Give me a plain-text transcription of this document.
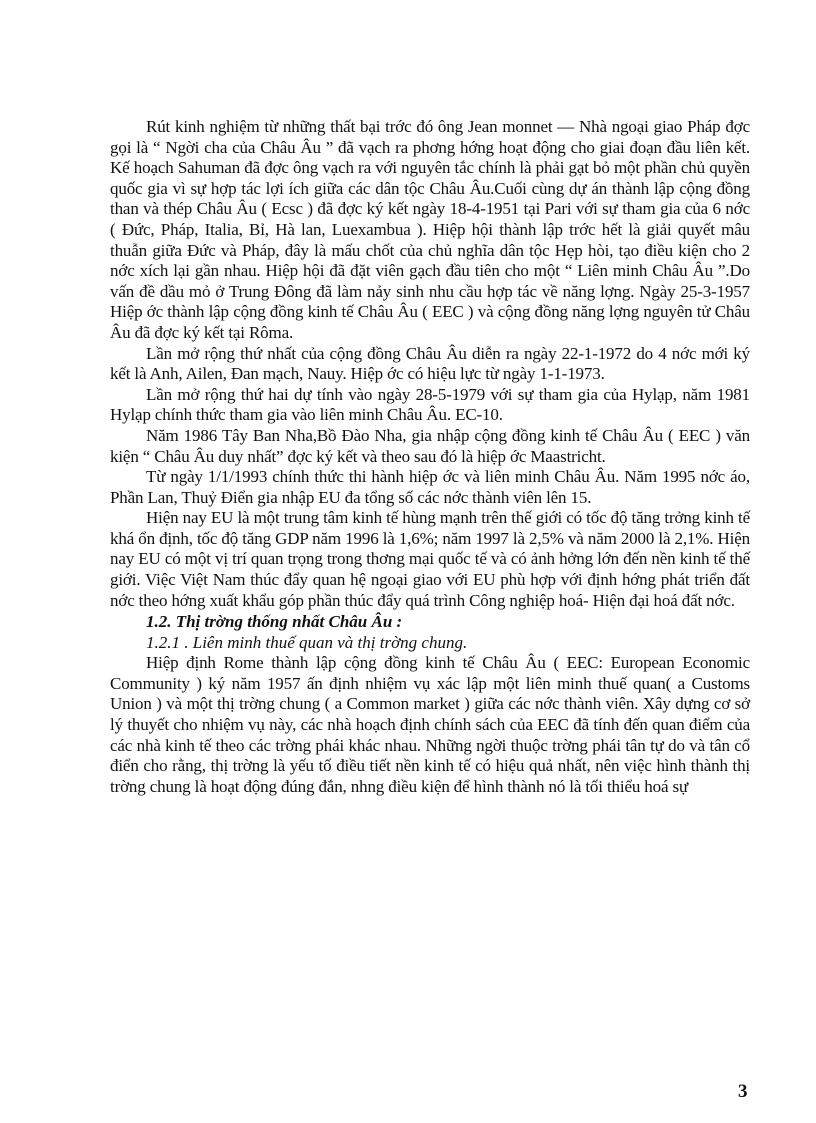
Rút kinh nghiệm từ những thất bại trớc đó ông Jean monnet — Nhà ngoại giao Pháp đợc gọi là “ Ngời cha của Châu Âu ” đã vạch ra phơng hớng hoạt động cho giai đoạn đầu liên kết. Kế hoạch Sahuman đã đợc ông vạch ra với nguyên tắc chính là phải gạt bỏ một phần chủ quyền quốc gia vì sự hợp tác lợi ích giữa các dân tộc Châu Âu.Cuối cùng dự án thành lập cộng đồng than và thép Châu Âu ( Ecsc ) đã đợc ký kết ngày 18-4-1951 tại Pari với sự tham gia của 6 nớc ( Đức, Pháp, Italia, Bỉ, Hà lan, Luexambua ). Hiệp hội thành lập trớc hết là giải quyết mâu thuẫn giữa Đức và Pháp, đây là mấu chốt của chủ nghĩa dân tộc Hẹp hòi, tạo điều kiện cho 2 nớc xích lại gần nhau. Hiệp hội đã đặt viên gạch đầu tiên cho một “ Liên minh Châu Âu ”.Do vấn đề dầu mỏ ở Trung Đông đã làm nảy sinh nhu cầu hợp tác về năng lợng. Ngày 25-3-1957 Hiệp ớc thành lập cộng đồng kinh tế Châu Âu ( EEC ) và cộng đồng năng lợng nguyên tử Châu Âu đã đợc ký kết tại Rôma.

Lần mở rộng thứ nhất của cộng đồng Châu Âu diễn ra ngày 22-1-1972 do 4 nớc mới ký kết là Anh, Ailen, Đan mạch, Nauy. Hiệp ớc có hiệu lực từ ngày 1-1-1973.

Lần mở rộng thứ hai dự tính vào ngày 28-5-1979 với sự tham gia của Hylạp, năm 1981 Hylạp chính thức tham gia vào liên minh Châu Âu. EC-10.

Năm 1986 Tây Ban Nha,Bồ Đào Nha, gia nhập cộng đồng kinh tế Châu Âu ( EEC ) văn kiện “ Châu Âu duy nhất” đợc ký kết và theo sau đó là hiệp ớc Maastricht.

Từ ngày 1/1/1993 chính thức thi hành hiệp ớc và liên minh Châu Âu. Năm 1995 nớc áo, Phần Lan, Thuỷ Điển gia nhập EU đa tổng số các nớc thành viên lên 15.

Hiện nay EU là một trung tâm kinh tế hùng mạnh trên thế giới có tốc độ tăng trởng kinh tế khá ổn định, tốc độ tăng GDP năm 1996 là 1,6%; năm 1997 là 2,5% và năm 2000 là 2,1%. Hiện nay EU có một vị trí quan trọng trong thơng mại quốc tế và có ảnh hởng lớn đến nền kinh tế thế giới. Việc Việt Nam thúc đẩy quan hệ ngoại giao với EU phù hợp với định hớng phát triển đất nớc theo hớng xuất khẩu góp phần thúc đẩy quá trình Công nghiệp hoá- Hiện đại hoá đất nớc.

1.2. Thị trờng thống nhất Châu Âu :

1.2.1 . Liên minh thuế quan và thị trờng chung.

Hiệp định Rome thành lập cộng đồng kinh tế Châu Âu ( EEC: European Economic Community ) ký năm 1957 ấn định nhiệm vụ xác lập một liên minh thuế quan( a Customs Union ) và một thị trờng chung ( a Common market ) giữa các nớc thành viên. Xây dựng cơ sở lý thuyết cho nhiệm vụ này, các nhà hoạch định chính sách của EEC đã tính đến quan điểm của các nhà kinh tế theo các trờng phái khác nhau. Những ngời thuộc trờng phái tân tự do và tân cổ điển cho rằng, thị trờng là yếu tố điều tiết nền kinh tế có hiệu quả nhất, nên việc hình thành thị trờng chung là hoạt động đúng đắn, nhng điều kiện để hình thành nó là tối thiểu hoá sự

3
